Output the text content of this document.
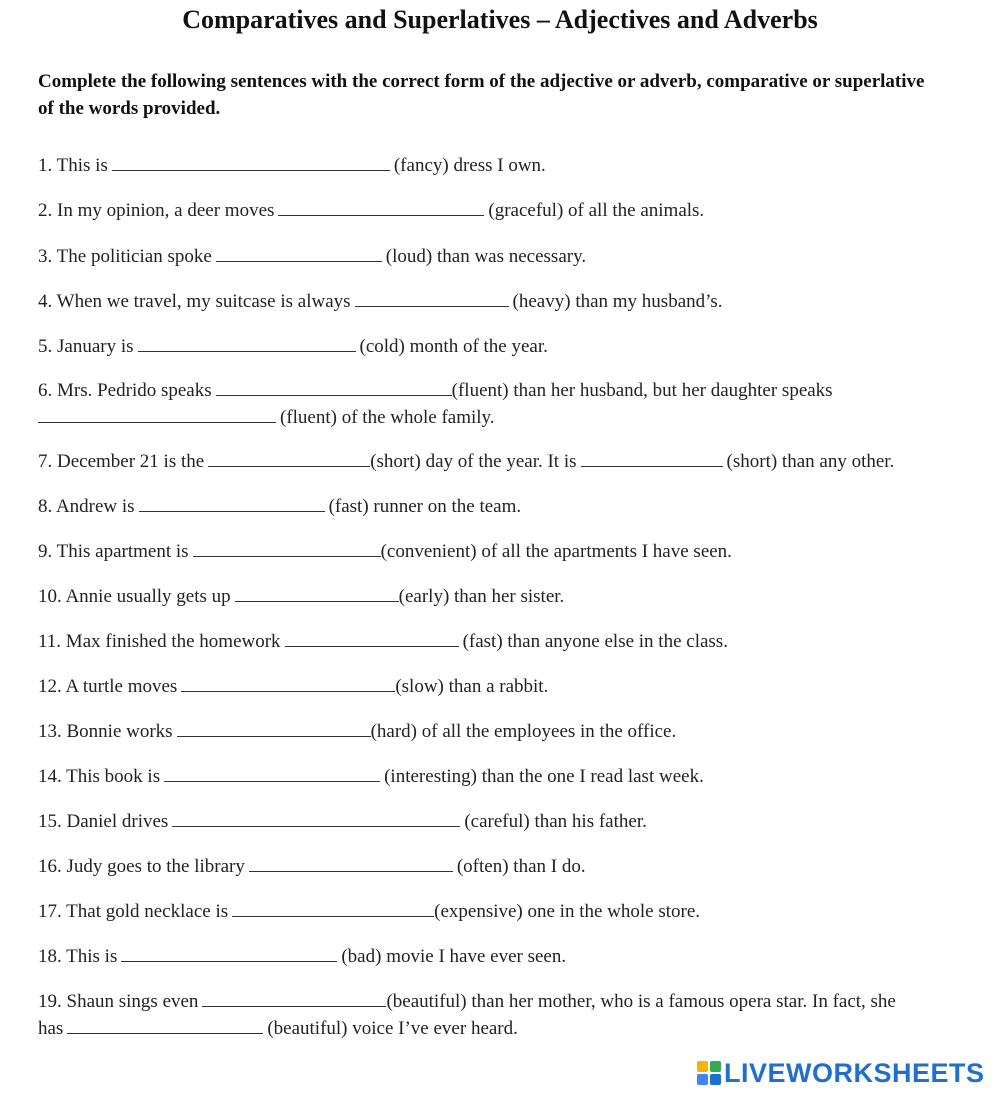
Comparatives and Superlatives – Adjectives and Adverbs
Complete the following sentences with the correct form of the adjective or adverb, comparative or superlative of the words provided.
1. This is	(fancy) dress I own.
2. In my opinion, a deer moves	(graceful) of all the animals.
3. The politician spoke	(loud) than was necessary.
4. When we travel, my suitcase is always	(heavy) than my husband’s.
5. January is	(cold) month of the year.
6. Mrs. Pedrido speaks	(fluent) than her husband, but her daughter speaks
(fluent) of the whole family.
7. December 21 is the	(short) day of the year. It is	(short) than any other.
8. Andrew is	(fast) runner on the team.
9. This apartment is	(convenient) of all the apartments I have seen.
10. Annie usually gets up	(early) than her sister.
11. Max finished the homework	(fast) than anyone else in the class.
12. A turtle moves	(slow) than a rabbit.
13. Bonnie works	(hard) of all the employees in the office.
14. This book is	(interesting) than the one I read last week.
15. Daniel drives	(careful) than his father.
16. Judy goes to the library	(often) than I do.
17. That gold necklace is	(expensive) one in the whole store.
18. This is	(bad) movie I have ever seen.
19. Shaun sings even	(beautiful) than her mother, who is a famous opera star. In fact, she
has	(beautiful) voice I’ve ever heard.
LIVEWORKSHEETS
